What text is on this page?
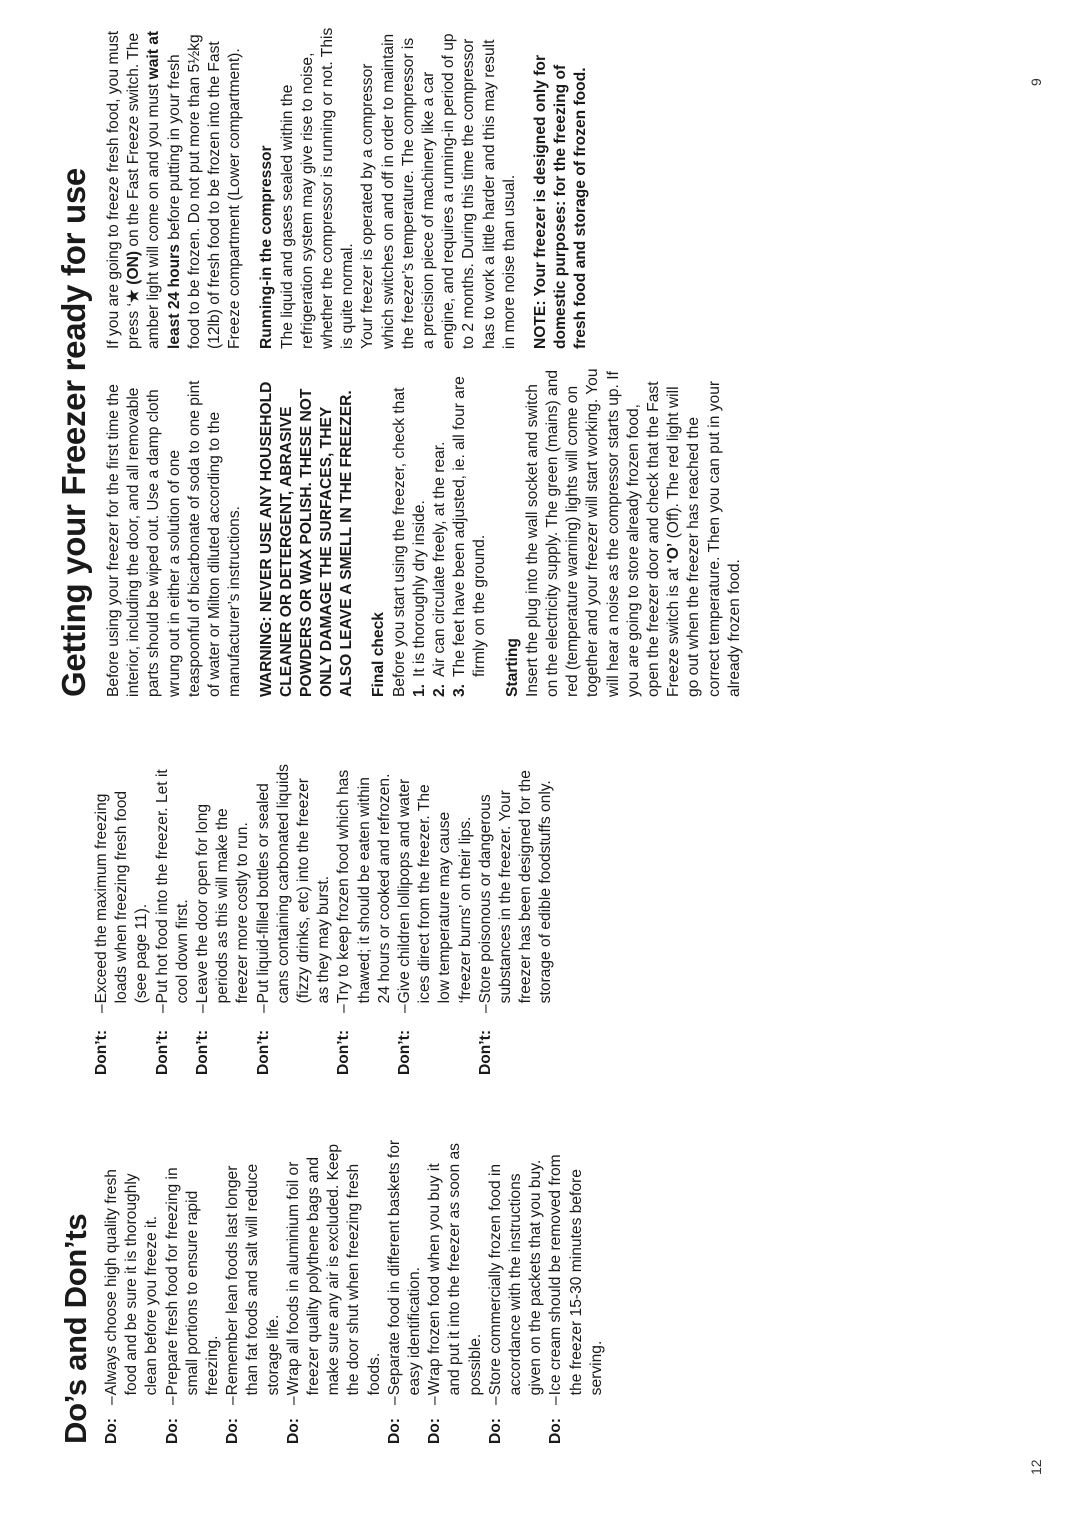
12
9
Do’s and Don’ts
Getting your Freezer ready for use
Do:
–
Always choose high quality fresh food and be sure it is thoroughly clean before you freeze it.
Do:
–
Prepare fresh food for freezing in small portions to ensure rapid freezing.
Do:
–
Remember lean foods last longer than fat foods and salt will reduce storage life.
Do:
–
Wrap all foods in aluminium foil or freezer quality polythene bags and make sure any air is excluded. Keep the door shut when freezing fresh foods.
Do:
–
Separate food in different baskets for easy identification.
Do:
–
Wrap frozen food when you buy it and put it into the freezer as soon as possible.
Do:
–
Store commercially frozen food in accordance with the instructions given on the packets that you buy.
Do:
–
Ice cream should be removed from the freezer 15-30 minutes before serving.
Don’t:
–
Exceed the maximum freezing loads when freezing fresh food (see page 11).
Don’t:
–
Put hot food into the freezer. Let it cool down first.
Don’t:
–
Leave the door open for long periods as this will make the freezer more costly to run.
Don’t:
–
Put liquid-filled bottles or sealed cans containing carbonated liquids (fizzy drinks, etc) into the freezer as they may burst.
Don’t:
–
Try to keep frozen food which has thawed; it should be eaten within 24 hours or cooked and refrozen.
Don’t:
–
Give children lollipops and water ices direct from the freezer. The low temperature may cause ‘freezer burns’ on their lips.
Don’t:
–
Store poisonous or dangerous substances in the freezer. Your freezer has been designed for the storage of edible foodstuffs only.

Before using your freezer for the first time the interior, including the door, and all removable parts should be wiped out. Use a damp cloth wrung out in either a solution of one teaspoonful of bicarbonate of soda to one pint of water or Milton diluted according to the manufacturer’s instructions. WARNING: NEVER USE ANY HOUSEHOLD CLEANER OR DETERGENT, ABRASIVE POWDERS OR WAX POLISH. THESE NOT ONLY DAMAGE THE SURFACES, THEY ALSO LEAVE A SMELL IN THE FREEZER. Final check Before you start using the freezer, check that 1.
It is thoroughly dry inside.
2.
Air can circulate freely, at the rear.
3.
The feet have been adjusted, ie. all four are firmly on the ground. Starting Insert the plug into the wall socket and switch on the electricity supply. The green (mains) and red (temperature warning) lights will come on together and your freezer will start working. You will hear a noise as the compressor starts up. If you are going to store already frozen food, open the freezer door and check that the Fast Freeze switch is at ‘O’ (Off). The red light will go out when the freezer has reached the correct temperature. Then you can put in your already frozen food.

If you are going to freeze fresh food, you must press ‘★ (ON) on the Fast Freeze switch. The amber light will come on and you must wait at least 24 hours before putting in your fresh food to be frozen. Do not put more than 5½kg (12lb) of fresh food to be frozen into the Fast Freeze compartment (Lower compartment). Running-in the compressor The liquid and gases sealed within the refrigeration system may give rise to noise, whether the compressor is running or not. This is quite normal. Your freezer is operated by a compressor which switches on and off in order to maintain the freezer’s temperature. The compressor is a precision piece of machinery like a car engine, and requires a running-in period of up to 2 months. During this time the compressor has to work a little harder and this may result in more noise than usual. NOTE: Your freezer is designed only for domestic purposes: for the freezing of fresh food and storage of frozen food.
